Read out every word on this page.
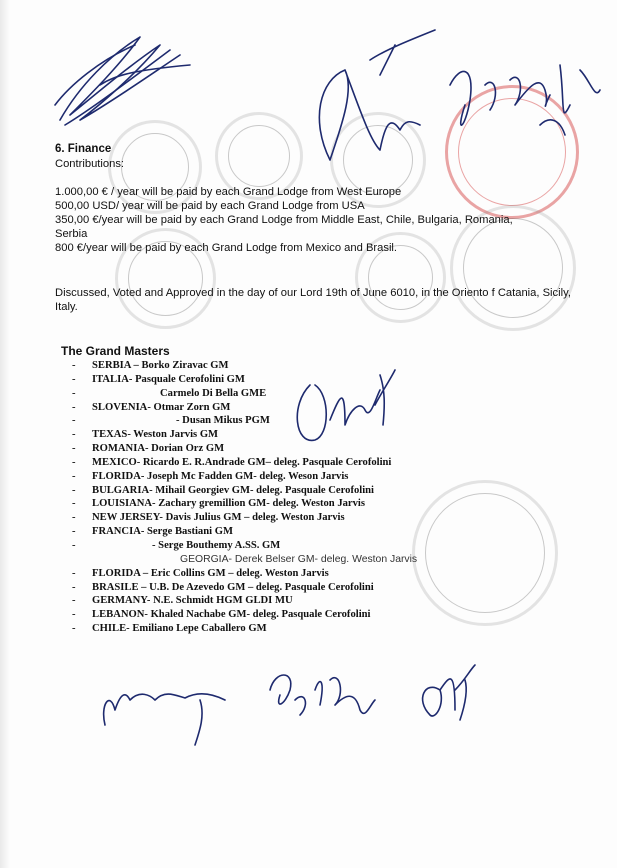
6. Finance
Contributions:
1.000,00 € / year will be paid by each Grand Lodge from West Europe
500,00 USD/ year will be paid by each Grand Lodge from USA
350,00 €/year will be paid by each Grand Lodge from Middle East, Chile, Bulgaria, Romania,
Serbia
800 €/year will be paid by each Grand Lodge from Mexico and Brasil.
Discussed, Voted and Approved in the day of our Lord 19th of June 6010, in the Oriento f Catania, Sicily, Italy.
The Grand Masters
- SERBIA – Borko Ziravac GM
- ITALIA- Pasquale Cerofolini GM
-	Carmelo Di Bella GME
- SLOVENIA- Otmar Zorn GM
-	- Dusan Mikus PGM
- TEXAS- Weston Jarvis GM
- ROMANIA- Dorian Orz GM
- MEXICO- Ricardo E. R.Andrade GM– deleg. Pasquale Cerofolini
- FLORIDA- Joseph Mc Fadden GM- deleg. Weson Jarvis
- BULGARIA- Mihail Georgiev GM- deleg. Pasquale Cerofolini
- LOUISIANA- Zachary gremillion GM- deleg. Weston Jarvis
- NEW JERSEY- Davis Julius GM – deleg. Weston Jarvis
- FRANCIA- Serge Bastiani GM
-	- Serge Bouthemy A.SS. GM
GEORGIA- Derek Belser GM- deleg. Weston Jarvis
- FLORIDA – Eric Collins GM – deleg. Weston Jarvis
- BRASILE – U.B. De Azevedo GM – deleg. Pasquale Cerofolini
- GERMANY- N.E. Schmidt HGM GLDI MU
- LEBANON- Khaled Nachabe GM- deleg. Pasquale Cerofolini
- CHILE- Emiliano Lepe Caballero GM
